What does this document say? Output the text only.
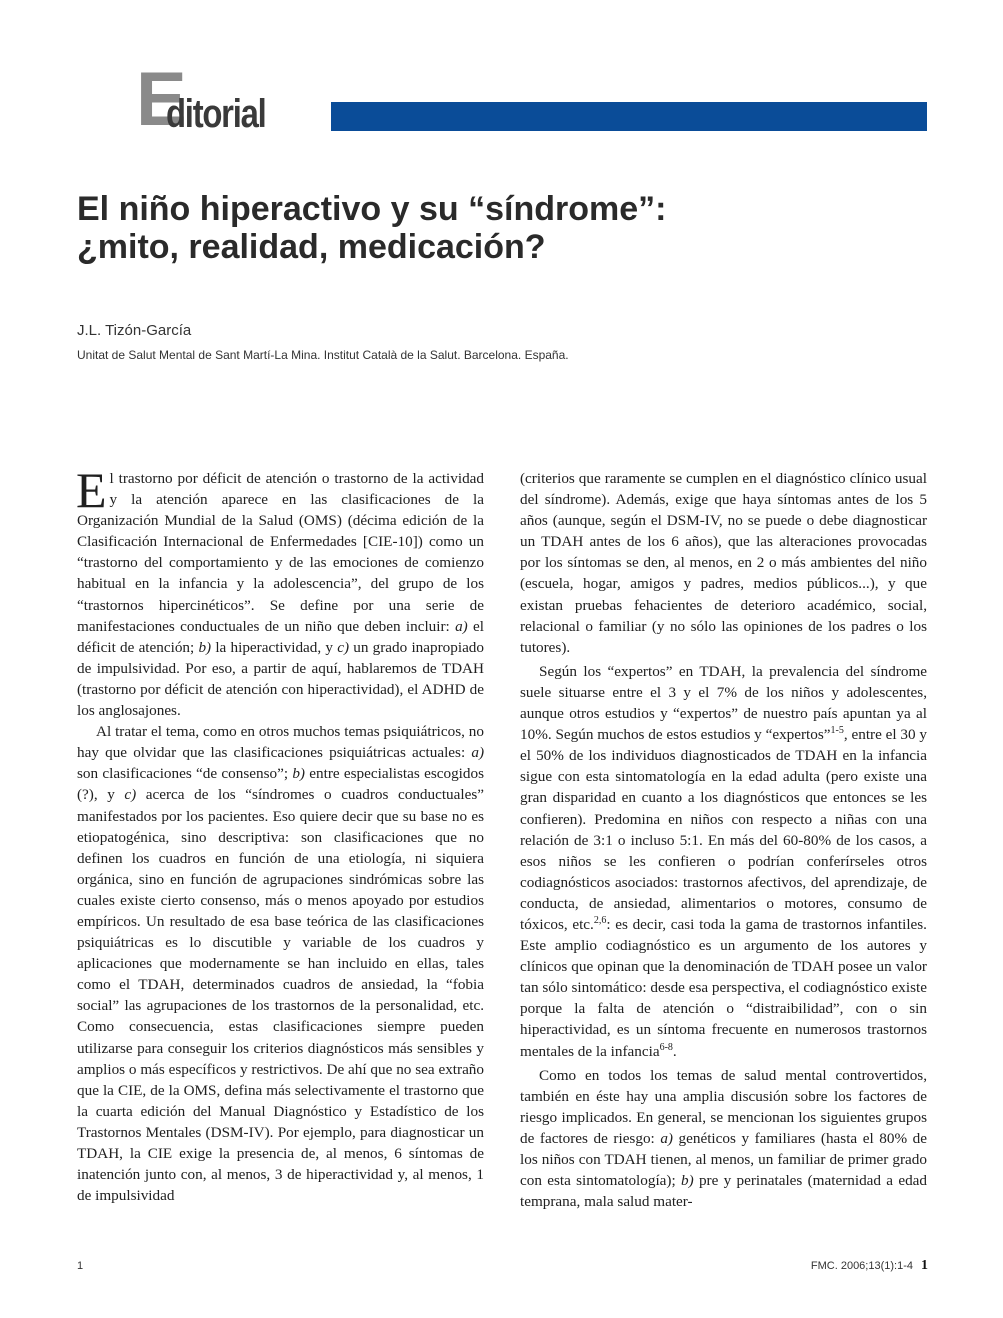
E
ditorial
El niño hiperactivo y su “síndrome”:
¿mito, realidad, medicación?
J.L. Tizón-García
Unitat de Salut Mental de Sant Martí-La Mina. Institut Català de la Salut. Barcelona. España.

El trastorno por déficit de atención o trastorno de la actividad y la atención aparece en las clasificaciones de la Organización Mundial de la Salud (OMS) (décima edición de la Clasificación Internacional de Enfermedades [CIE-10]) como un “trastorno del comportamiento y de las emociones de comienzo habitual en la infancia y la adolescencia”, del grupo de los “trastornos hipercinéticos”. Se define por una serie de manifestaciones conductuales de un niño que deben incluir: a) el déficit de atención; b) la hiperactividad, y c) un grado inapropiado de impulsividad. Por eso, a partir de aquí, hablaremos de TDAH (trastorno por déficit de atención con hiperactividad), el ADHD de los anglosajones.

Al tratar el tema, como en otros muchos temas psiquiátricos, no hay que olvidar que las clasificaciones psiquiátricas actuales: a) son clasificaciones “de consenso”; b) entre especialistas escogidos (?), y c) acerca de los “síndromes o cuadros conductuales” manifestados por los pacientes. Eso quiere decir que su base no es etiopatogénica, sino descriptiva: son clasificaciones que no definen los cuadros en función de una etiología, ni siquiera orgánica, sino en función de agrupaciones sindrómicas sobre las cuales existe cierto consenso, más o menos apoyado por estudios empíricos. Un resultado de esa base teórica de las clasificaciones psiquiátricas es lo discutible y variable de los cuadros y aplicaciones que modernamente se han incluido en ellas, tales como el TDAH, determinados cuadros de ansiedad, la “fobia social” las agrupaciones de los trastornos de la personalidad, etc. Como consecuencia, estas clasificaciones siempre pueden utilizarse para conseguir los criterios diagnósticos más sensibles y amplios o más específicos y restrictivos. De ahí que no sea extraño que la CIE, de la OMS, defina más selectivamente el trastorno que la cuarta edición del Manual Diagnóstico y Estadístico de los Trastornos Mentales (DSM-IV). Por ejemplo, para diagnosticar un TDAH, la CIE exige la presencia de, al menos, 6 síntomas de inatención junto con, al menos, 3 de hiperactividad y, al menos, 1 de impulsividad

(criterios que raramente se cumplen en el diagnóstico clínico usual del síndrome). Además, exige que haya síntomas antes de los 5 años (aunque, según el DSM-IV, no se puede o debe diagnosticar un TDAH antes de los 6 años), que las alteraciones provocadas por los síntomas se den, al menos, en 2 o más ambientes del niño (escuela, hogar, amigos y padres, medios públicos...), y que existan pruebas fehacientes de deterioro académico, social, relacional o familiar (y no sólo las opiniones de los padres o los tutores).

Según los “expertos” en TDAH, la prevalencia del síndrome suele situarse entre el 3 y el 7% de los niños y adolescentes, aunque otros estudios y “expertos” de nuestro país apuntan ya al 10%. Según muchos de estos estudios y “expertos”$^{1-5}$, entre el 30 y el 50% de los individuos diagnosticados de TDAH en la infancia sigue con esta sintomatología en la edad adulta (pero existe una gran disparidad en cuanto a los diagnósticos que entonces se les confieren). Predomina en niños con respecto a niñas con una relación de 3:1 o incluso 5:1. En más del 60-80% de los casos, a esos niños se les confieren o podrían conferírseles otros codiagnósticos asociados: trastornos afectivos, del aprendizaje, de conducta, de ansiedad, alimentarios o motores, consumo de tóxicos, etc.$^{2,6}$: es decir, casi toda la gama de trastornos infantiles. Este amplio codiagnóstico es un argumento de los autores y clínicos que opinan que la denominación de TDAH posee un valor tan sólo sintomático: desde esa perspectiva, el codiagnóstico existe porque la falta de atención o “distraibilidad”, con o sin hiperactividad, es un síntoma frecuente en numerosos trastornos mentales de la infancia$^{6-8}$.

Como en todos los temas de salud mental controvertidos, también en éste hay una amplia discusión sobre los factores de riesgo implicados. En general, se mencionan los siguientes grupos de factores de riesgo: a) genéticos y familiares (hasta el 80% de los niños con TDAH tienen, al menos, un familiar de primer grado con esta sintomatología); b) pre y perinatales (maternidad a edad temprana, mala salud mater-

1	FMC. 2006;13(1):1-4 1
